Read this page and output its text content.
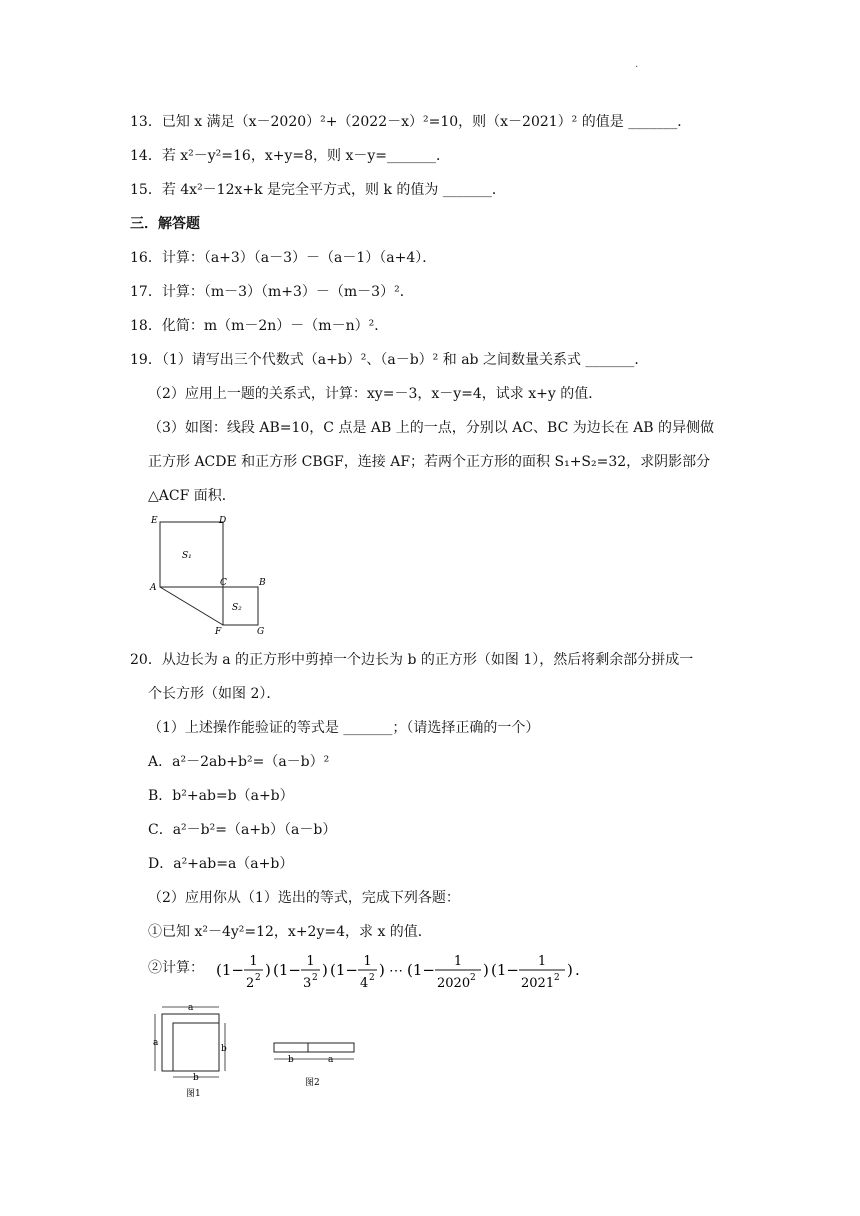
·
13．已知 x 满足（x－2020）²+（2022－x）²=10，则（x－2021）² 的值是 _______．
14．若 x²－y²=16，x+y=8，则 x－y=_______．
15．若 4x²－12x+k 是完全平方式，则 k 的值为 _______．
三．解答题
16．计算：（a+3）（a－3）－（a－1）（a+4）．
17．计算：（m－3）（m+3）－（m－3）²．
18．化简：m（m－2n）－（m－n）²．
19．（1）请写出三个代数式（a+b）²、（a－b）² 和 ab 之间数量关系式 _______．
（2）应用上一题的关系式，计算：xy=－3，x－y=4，试求 x+y 的值．
（3）如图：线段 AB=10，C 点是 AB 上的一点，分别以 AC、BC 为边长在 AB 的异侧做
正方形 ACDE 和正方形 CBGF，连接 AF；若两个正方形的面积 S₁+S₂=32，求阴影部分
△ACF 面积．
E	D
A	C	B
F	G
S₁
S₂
20．从边长为 a 的正方形中剪掉一个边长为 b 的正方形（如图 1），然后将剩余部分拼成一
个长方形（如图 2）．
（1）上述操作能验证的等式是 _______；（请选择正确的一个）
A．a²－2ab+b²=（a－b）²
B．b²+ab=b（a+b）
C．a²－b²=（a+b）（a－b）
D．a²+ab=a（a+b）
（2）应用你从（1）选出的等式，完成下列各题：
①已知 x²－4y²=12，x+2y=4，求 x 的值．
②计算： (1− 1
2 2 ) (1− 1
3 2 ) (1− 1
4 2 ) ⋯ (1− 1
2020 2 ) (1− 1
2021 2 ) .
a
a
b
b
图1
b	a
图2
